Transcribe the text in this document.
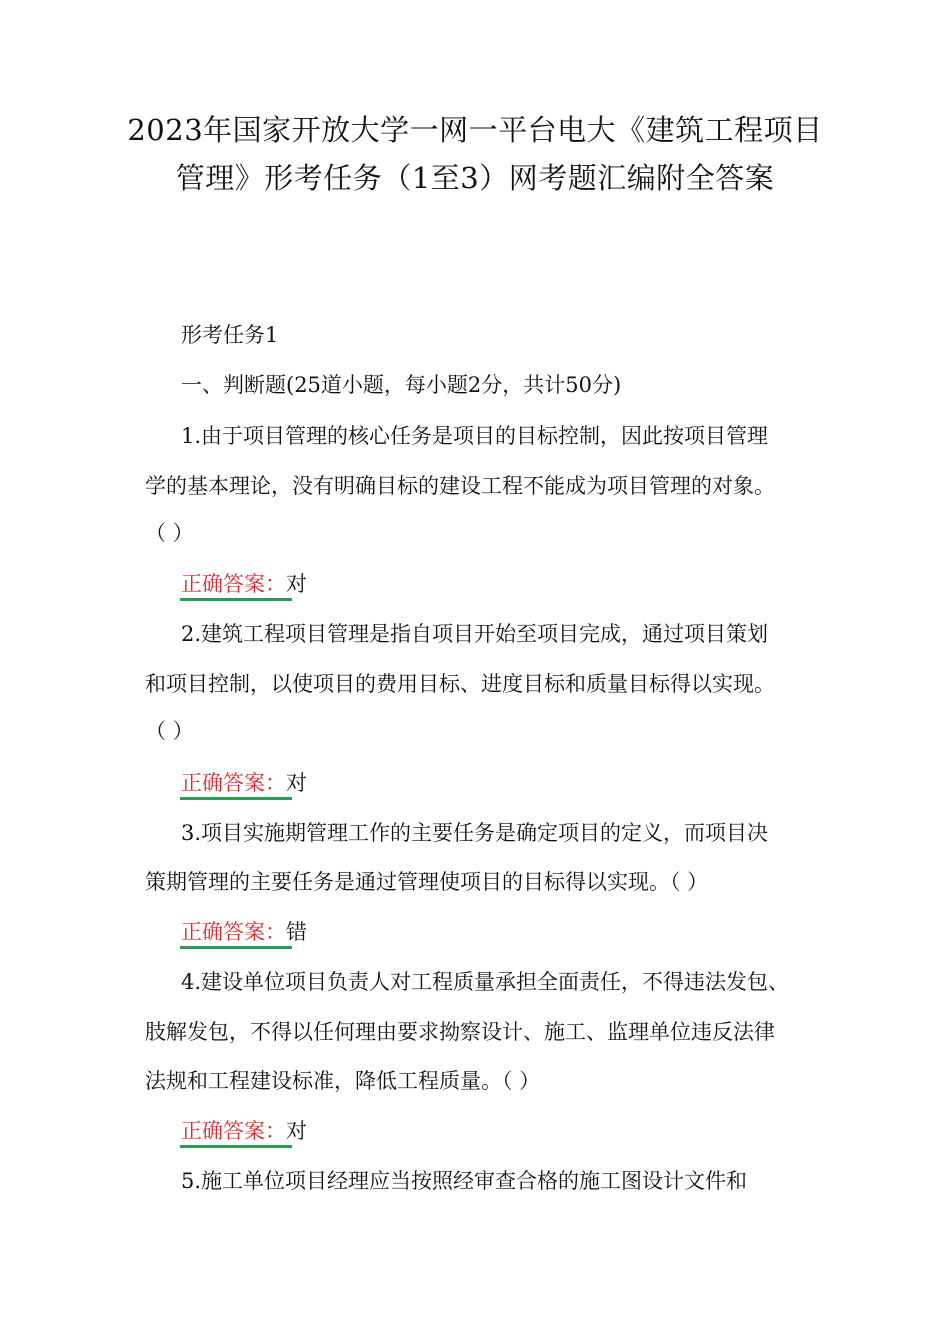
2023年国家开放大学一网一平台电大《建筑工程项目
管理》形考任务（1至3）网考题汇编附全答案
形考任务1
一、判断题(25道小题，每小题2分，共计50分)
1.由于项目管理的核心任务是项目的目标控制，因此按项目管理
学的基本理论，没有明确目标的建设工程不能成为项目管理的对象。
（ ）
正确答案：对
2.建筑工程项目管理是指自项目开始至项目完成，通过项目策划
和项目控制，以使项目的费用目标、进度目标和质量目标得以实现。
（ ）
正确答案：对
3.项目实施期管理工作的主要任务是确定项目的定义，而项目决
策期管理的主要任务是通过管理使项目的目标得以实现。（ ）
正确答案：错
4.建设单位项目负责人对工程质量承担全面责任，不得违法发包、
肢解发包，不得以任何理由要求拗察设计、施工、监理单位违反法律
法规和工程建设标准，降低工程质量。（ ）
正确答案：对
5.施工单位项目经理应当按照经审查合格的施工图设计文件和
